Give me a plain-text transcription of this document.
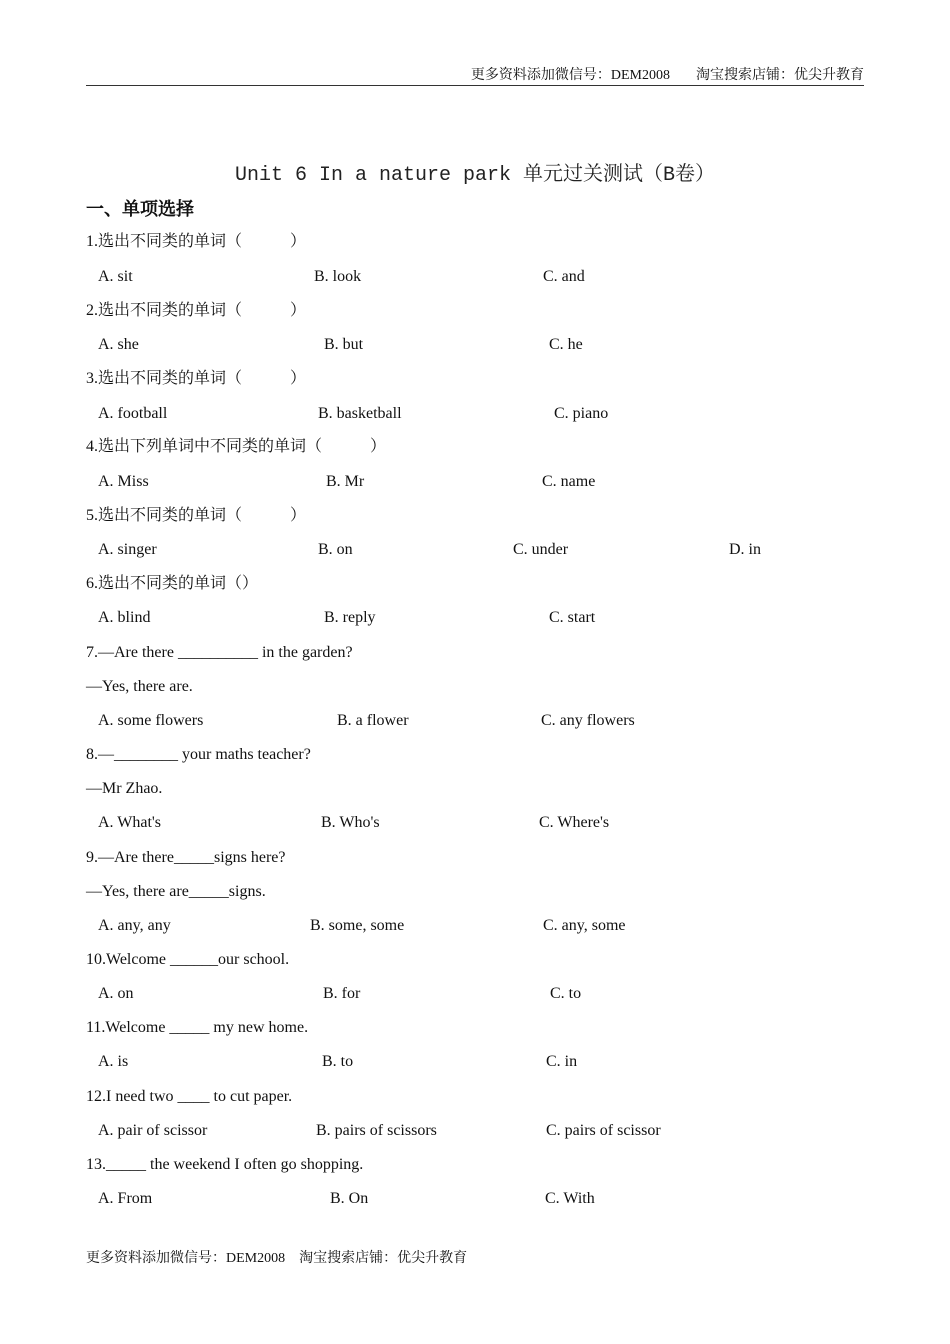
更多资料添加微信号：DEM2008 淘宝搜索店铺：优尖升教育
Unit 6 In a nature park 单元过关测试（B卷）
一、单项选择
1.选出不同类的单词（　　　）
A. sit	B. look	C. and
2.选出不同类的单词（　　　）
A. she	B. but	C. he
3.选出不同类的单词（　　　）
A. football	B. basketball	C. piano
4.选出下列单词中不同类的单词（　　　）
A. Miss	B. Mr	C. name
5.选出不同类的单词（　　　）
A. singer	B. on	C. under	D. in
6.选出不同类的单词（）
A. blind	B. reply	C. start
7.—Are there __________ in the garden?
—Yes, there are.
A. some flowers	B. a flower	C. any flowers
8.—________ your maths teacher?
—Mr Zhao.
A. What's	B. Who's	C. Where's
9.—Are there_____signs here?
—Yes, there are_____signs.
A. any, any	B. some, some	C. any, some
10.Welcome ______our school.
A. on	B. for	C. to
11.Welcome _____ my new home.
A. is	B. to	C. in
12.I need two ____ to cut paper.
A. pair of scissor	B. pairs of scissors	C. pairs of scissor
13._____ the weekend I often go shopping.
A. From	B. On	C. With
更多资料添加微信号：DEM2008 淘宝搜索店铺：优尖升教育
